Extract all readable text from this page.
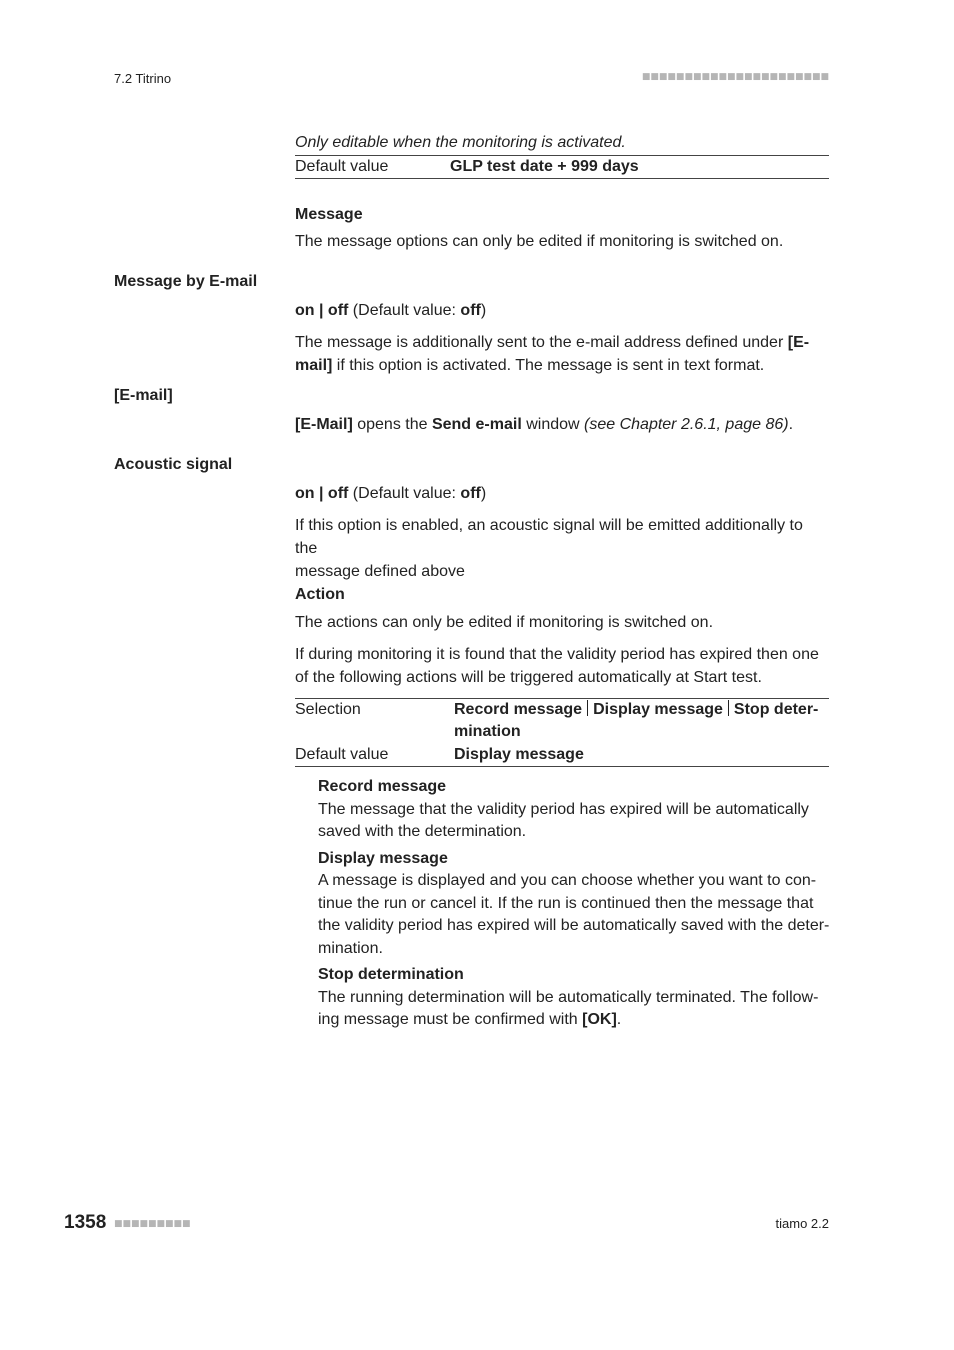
7.2 Titrino	■■■■■■■■■■■■■■■■■■■■■■

Only editable when the monitoring is activated.

Default value	GLP test date + 999 days

Message

The message options can only be edited if monitoring is switched on.

Message by E-mail

on | off (Default value: off)

The message is additionally sent to the e-mail address defined under [E-
mail] if this option is activated. The message is sent in text format.

[E-mail]

[E-Mail] opens the Send e-mail window (see Chapter 2.6.1, page 86).

Acoustic signal

on | off (Default value: off)

If this option is enabled, an acoustic signal will be emitted additionally to the
message defined above

Action

The actions can only be edited if monitoring is switched on.

If during monitoring it is found that the validity period has expired then one
of the following actions will be triggered automatically at Start test.

Selection	Record message Display message Stop deter-
mination
Default value	Display message

Record message

The message that the validity period has expired will be automatically
saved with the determination.

Display message

A message is displayed and you can choose whether you want to con-
tinue the run or cancel it. If the run is continued then the message that
the validity period has expired will be automatically saved with the deter-
mination.

Stop determination

The running determination will be automatically terminated. The follow-
ing message must be confirmed with [OK].

1358 ■■■■■■■■■	tiamo 2.2
